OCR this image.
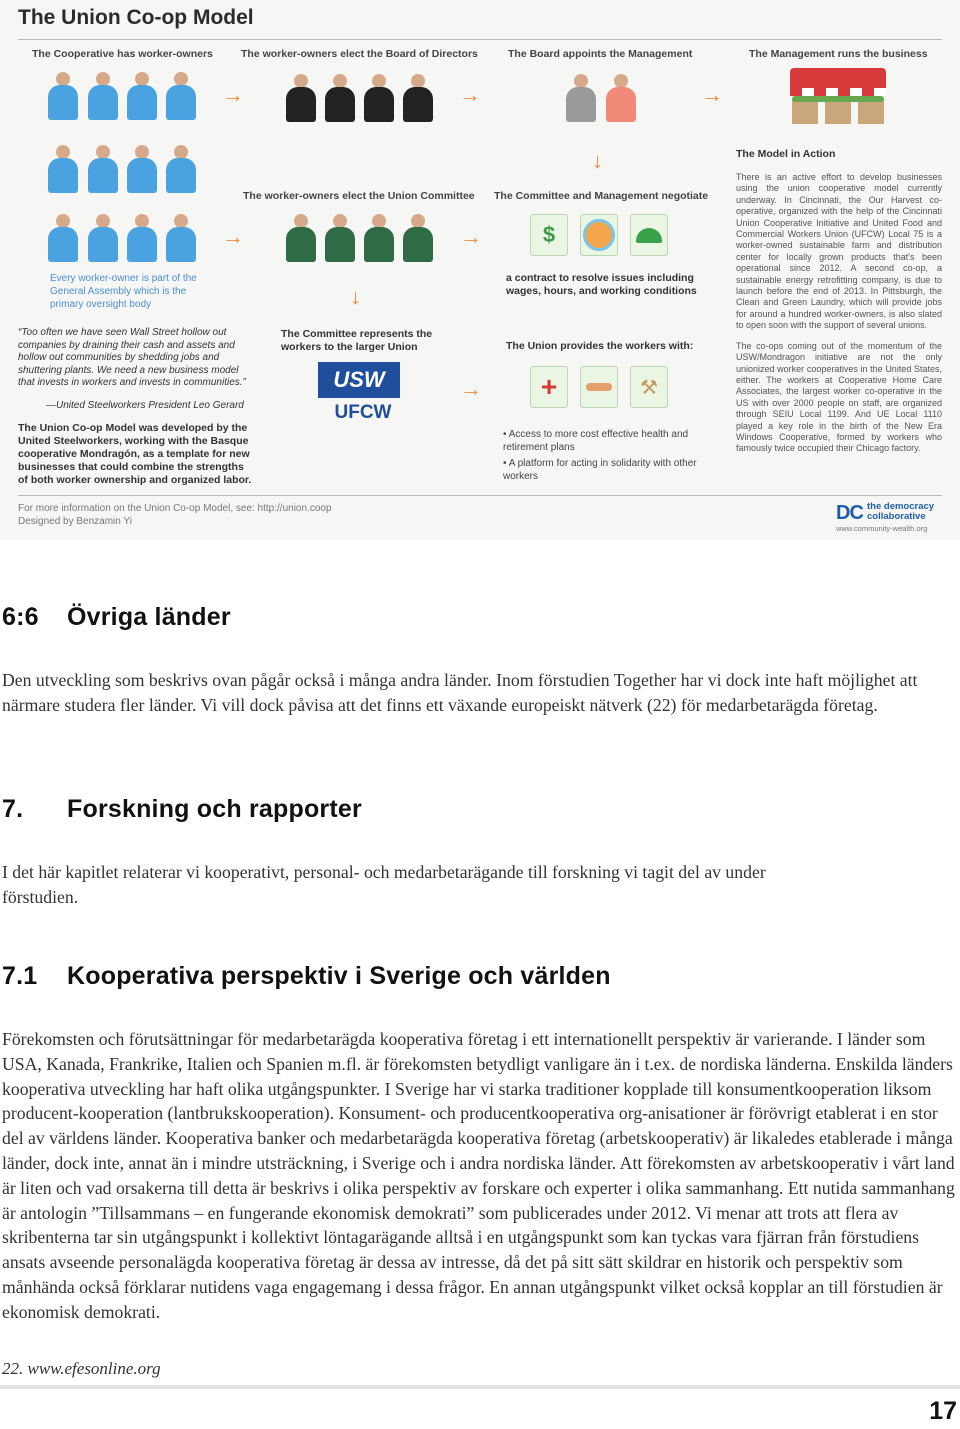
The Union Co-op Model
The Cooperative has worker-owners	The worker-owners elect the Board of Directors	The Board appoints the Management	The Management runs the business
→
→
→	→
↓
The worker-owners elect the Union Committee The Committee and Management negotiate
→	$
Every worker-owner is part of the General Assembly which is the primary oversight body	↓
a contract to resolve issues including wages, hours, and working conditions
“Too often we have seen Wall Street hollow out companies by draining their cash and assets and hollow out communities by shedding jobs and shuttering plants. We need a new business model that invests in workers and invests in communities.”
—United Steelworkers President Leo Gerard
The Committee represents the workers to the larger Union	The Union provides the workers with:
USW
UFCW
→ +	⚒
The Union Co-op Model was developed by the United Steelworkers, working with the Basque cooperative Mondragón, as a template for new businesses that could combine the strengths of both worker ownership and organized labor.
• Access to more cost effective health and retirement plans
• A platform for acting in solidarity with other workers
The Model in Action
There is an active effort to develop businesses using the union cooperative model currently underway. In Cincinnati, the Our Harvest co-operative, organized with the help of the Cincinnati Union Cooperative Initiative and United Food and Commercial Workers Union (UFCW) Local 75 is a worker-owned sustainable farm and distribution center for locally grown products that's been operational since 2012. A second co-op, a sustainable energy retrofitting company, is due to launch before the end of 2013. In Pittsburgh, the Clean and Green Laundry, which will provide jobs for around a hundred worker-owners, is also slated to open soon with the support of several unions.
The co-ops coming out of the momentum of the USW/Mondragon initiative are not the only unionized worker cooperatives in the United States, either. The workers at Cooperative Home Care Associates, the largest worker co-operative in the US with over 2000 people on staff, are organized through SEIU Local 1199. And UE Local 1110 played a key role in the birth of the New Era Windows Cooperative, formed by workers who famously twice occupied their Chicago factory.
For more information on the Union Co-op Model, see: http://union.coop
Designed by Benzamin Yi	DC the democracy
collaborative
www.community-wealth.org
6:6 Övriga länder

Den utveckling som beskrivs ovan pågår också i många andra länder. Inom förstudien Together har vi dock inte haft möjlighet att närmare studera fler länder. Vi vill dock påvisa att det finns ett växande europeiskt nätverk (22) för medarbetarägda företag.

7. Forskning och rapporter

I det här kapitlet relaterar vi kooperativt, personal- och medarbetarägande till forskning vi tagit del av under förstudien.

7.1 Kooperativa perspektiv i Sverige och världen

Förekomsten och förutsättningar för medarbetarägda kooperativa företag i ett internationellt perspektiv är varierande. I länder som USA, Kanada, Frankrike, Italien och Spanien m.fl. är förekomsten betydligt vanligare än i t.ex. de nordiska länderna. Enskilda länders kooperativa utveckling har haft olika utgångspunkter. I Sverige har vi starka traditioner kopplade till konsumentkooperation liksom producent-kooperation (lantbrukskooperation). Konsument- och producentkooperativa org-anisationer är förövrigt etablerat i en stor del av världens länder. Kooperativa banker och medarbetarägda kooperativa företag (arbetskooperativ) är likaledes etablerade i många länder, dock inte, annat än i mindre utsträckning, i Sverige och i andra nordiska länder. Att förekomsten av arbetskooperativ i vårt land är liten och vad orsakerna till detta är beskrivs i olika perspektiv av forskare och experter i olika sammanhang. Ett nutida sammanhang är antologin ”Tillsammans – en fungerande ekonomisk demokrati” som publicerades under 2012. Vi menar att trots att flera av skribenterna tar sin utgångspunkt i kollektivt löntagarägande alltså i en utgångspunkt som kan tyckas vara fjärran från förstudiens ansats avseende personalägda kooperativa företag är dessa av intresse, då det på sitt sätt skildrar en historik och perspektiv som månhända också förklarar nutidens vaga engagemang i dessa frågor. En annan utgångspunkt vilket också kopplar an till förstudien är ekonomisk demokrati.

22. www.efesonline.org
17
